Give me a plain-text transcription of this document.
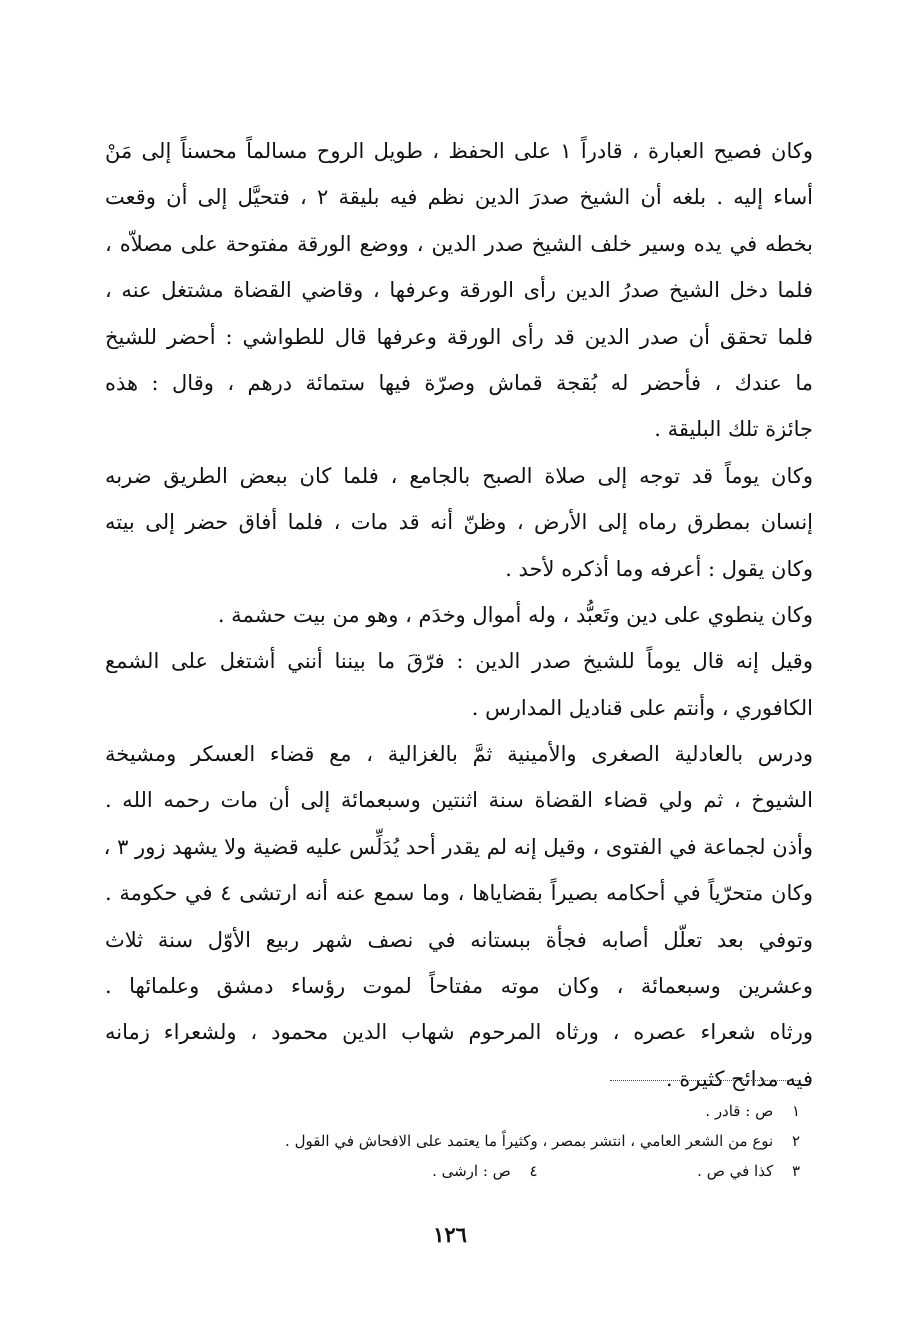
وكان فصيح العبارة ، قادراً ١ على الحفظ ، طويل الروح مسالماً محسناً إلى مَنْ
أساء إليه . بلغه أن الشيخ صدرَ الدين نظم فيه بليقة ٢ ، فتحيَّل إلى أن وقعت
بخطه في يده وسير خلف الشيخ صدر الدين ، ووضع الورقة مفتوحة على مصلاّه ،
فلما دخل الشيخ صدرُ الدين رأى الورقة وعرفها ، وقاضي القضاة مشتغل عنه ،
فلما تحقق أن صدر الدين قد رأى الورقة وعرفها قال للطواشي : أحضر للشيخ
ما عندك ، فأحضر له بُقجة قماش وصرّة فيها ستمائة درهم ، وقال : هذه
جائزة تلك البليقة .
وكان يوماً قد توجه إلى صلاة الصبح بالجامع ، فلما كان ببعض الطريق ضربه
إنسان بمطرق رماه إلى الأرض ، وظنّ أنه قد مات ، فلما أفاق حضر إلى بيته
وكان يقول : أعرفه وما أذكره لأحد .
وكان ينطوي على دين وتَعبُّد ، وله أموال وخدَم ، وهو من بيت حشمة .
وقيل إنه قال يوماً للشيخ صدر الدين : فرّقَ ما بيننا أنني أشتغل على الشمع
الكافوري ، وأنتم على قناديل المدارس .
ودرس بالعادلية الصغرى والأمينية ثمَّ بالغزالية ، مع قضاء العسكر ومشيخة
الشيوخ ، ثم ولي قضاء القضاة سنة اثنتين وسبعمائة إلى أن مات رحمه الله .
وأذن لجماعة في الفتوى ، وقيل إنه لم يقدر أحد يُدَلِّس عليه قضية ولا يشهد زور ٣ ،
وكان متحرّياً في أحكامه بصيراً بقضاياها ، وما سمع عنه أنه ارتشى ٤ في حكومة .
وتوفي بعد تعلّل أصابه فجأة ببستانه في نصف شهر ربيع الأوّل سنة ثلاث
وعشرين وسبعمائة ، وكان موته مفتاحاً لموت رؤساء دمشق وعلمائها .
ورثاه شعراء عصره ، ورثاه المرحوم شهاب الدين محمود ، ولشعراء زمانه
فيه مدائح كثيرة .
١ ص : قادر .
٢ نوع من الشعر العامي ، انتشر بمصر ، وكثيراً ما يعتمد على الافحاش في القول .
٣ كذا في ص .  ٤ ص : ارشى .
١٢٦
